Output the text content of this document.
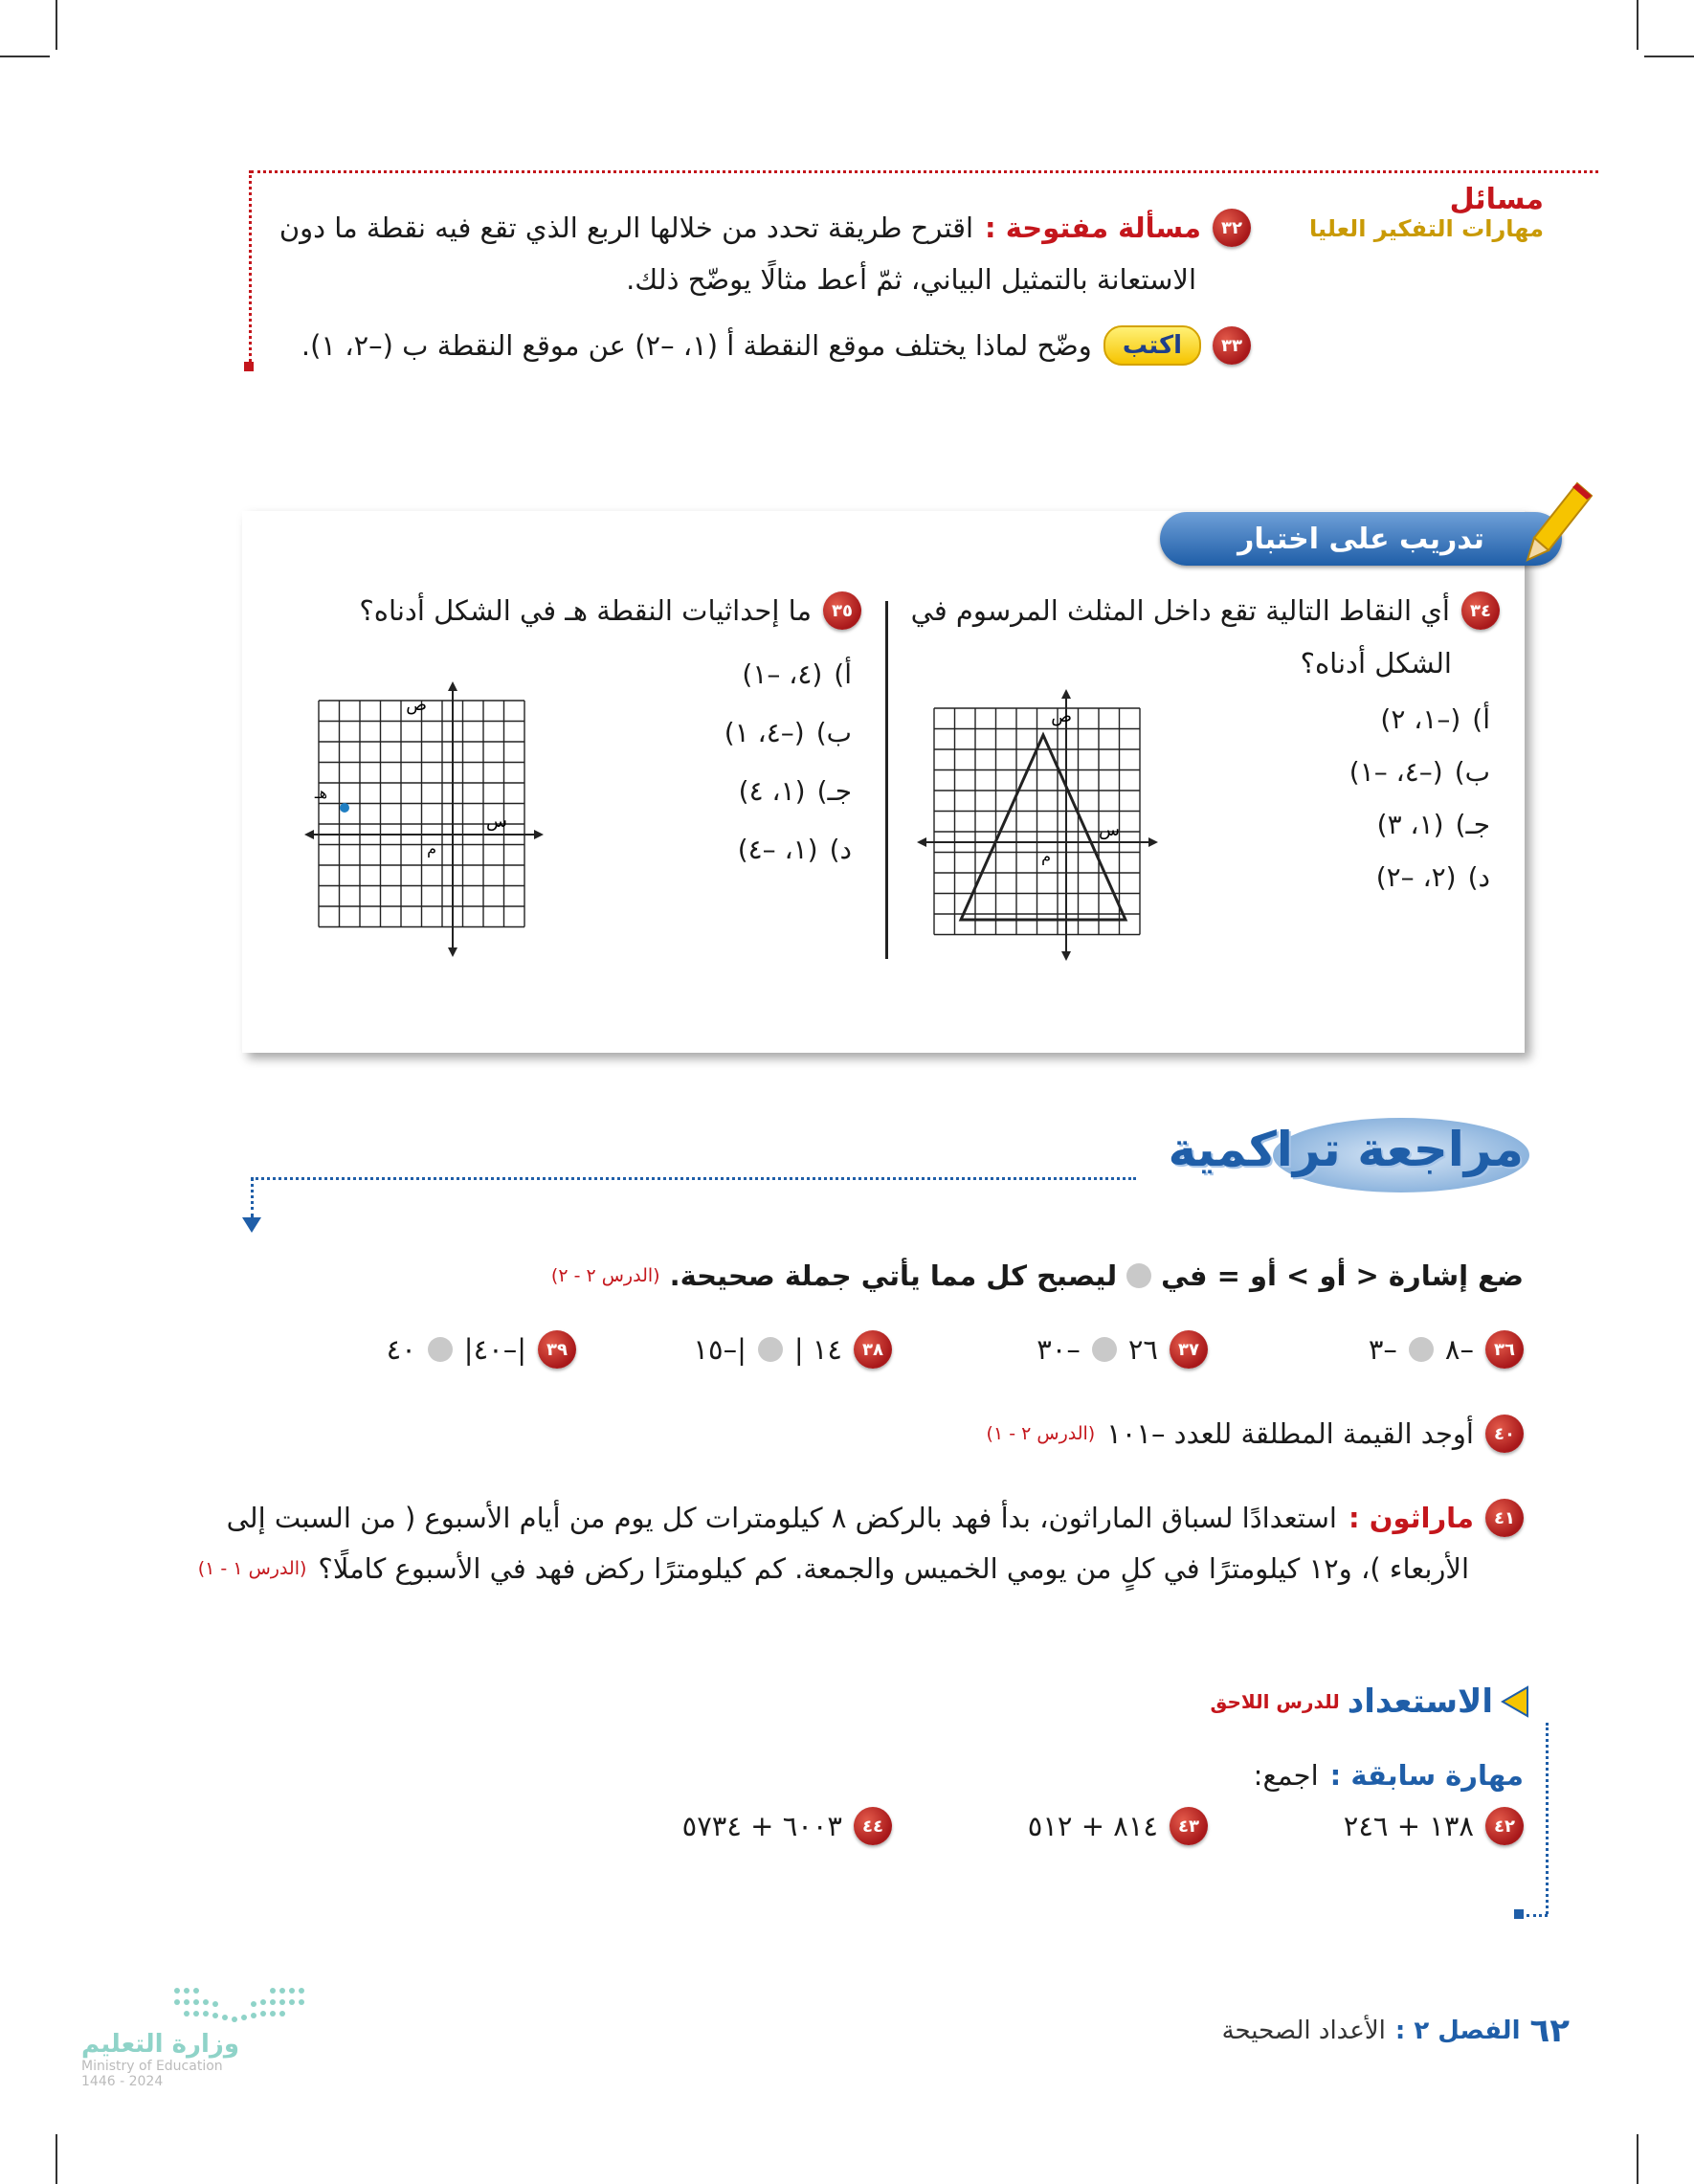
مسائل
مهارات التفكير العليا
٣٢
مسألة مفتوحة :
اقترح طريقة تحدد من خلالها الربع الذي تقع فيه نقطة ما دون
الاستعانة بالتمثيل البياني، ثمّ أعط مثالًا يوضّح ذلك.
٣٣
اكتب
وضّح لماذا يختلف موقع النقطة أ (١، –٢) عن موقع النقطة ب (–٢، ١).
تدريب على اختبار
٣٤
أي النقاط التالية تقع داخل المثلث المرسوم في
الشكل أدناه؟
أ)
(–١، ٢)
ب)
(–٤، –١)
جـ)
(١، ٣)
د)
(٢، –٢)
ص
س
م
٣٥
ما إحداثيات النقطة هـ في الشكل أدناه؟
أ)
(٤، –١)
ب)
(–٤، ١)
جـ)
(١، ٤)
د)
(١، –٤)
هـ
ص
س
م
مراجعة تراكمية
ضع إشارة < أو > أو = في
ليصبح كل مما يأتي جملة صحيحة.
(الدرس ٢ - ٢)
٣٦
–٨
–٣
٣٧
٢٦
–٣٠
٣٨
١٤ |
|–١٥
٣٩
|–٤٠|
٤٠
٤٠
أوجد القيمة المطلقة للعدد –١٠١
(الدرس ٢ - ١)
٤١
ماراثون :
استعدادًا لسباق الماراثون، بدأ فهد بالركض ٨ كيلومترات كل يوم من أيام الأسبوع ( من السبت إلى
الأربعاء )، و١٢ كيلومترًا في كلٍ من يومي الخميس والجمعة. كم كيلومترًا ركض فهد في الأسبوع كاملًا؟
(الدرس ١ - ١)
الاستعداد
للدرس اللاحق
مهارة سابقة :
اجمع:
٤٢
١٣٨ + ٢٤٦
٤٣
٨١٤ + ٥١٢
٤٤
٦٠٠٣ + ٥٧٣٤
٦٢
الفصل ٢ :
الأعداد الصحيحة
وزارة التعليم
Ministry of Education
2024 - 1446
